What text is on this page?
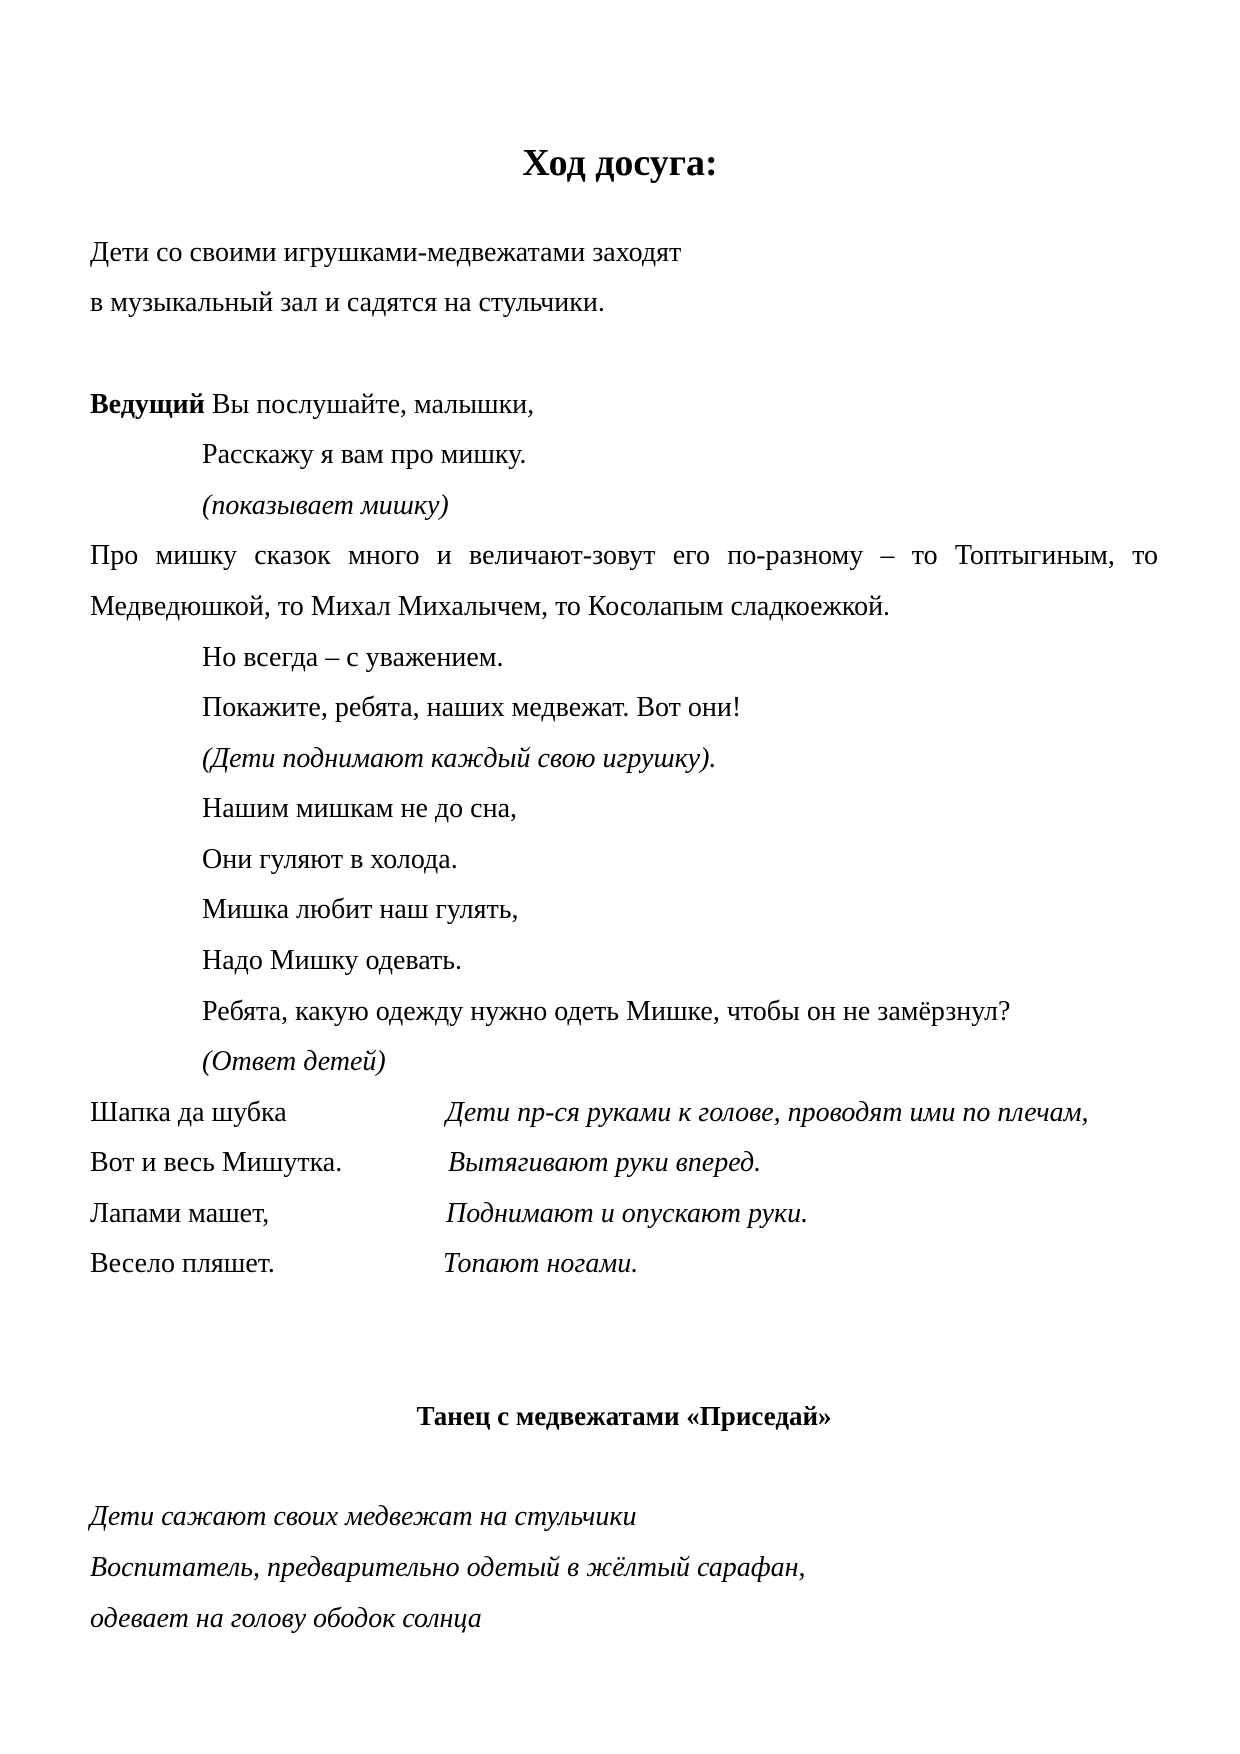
Ход досуга:
Дети со своими игрушками-медвежатами заходят
в музыкальный зал и садятся на стульчики.
Ведущий Вы послушайте, малышки,
Расскажу я вам про мишку.
(показывает мишку)
Про мишку сказок много и величают-зовут его по-разному – то Топтыгиным, то
Медведюшкой, то Михал Михалычем, то Косолапым сладкоежкой.
Но всегда – с уважением.
Покажите, ребята, наших медвежат. Вот они!
(Дети поднимают каждый свою игрушку).
Нашим мишкам не до сна,
Они гуляют в холода.
Мишка любит наш гулять,
Надо Мишку одевать.
Ребята, какую одежду нужно одеть Мишке, чтобы он не замёрзнул?
(Ответ детей)
Шапка да шубка	Дети пр-ся руками к голове, проводят ими по плечам,
Вот и весь Мишутка.	Вытягивают руки вперед.
Лапами машет,	Поднимают и опускают руки.
Весело пляшет.	Топают ногами.
Танец с медвежатами «Приседай»
Дети сажают своих медвежат на стульчики
Воспитатель, предварительно одетый в жёлтый сарафан,
одевает на голову ободок солнца
